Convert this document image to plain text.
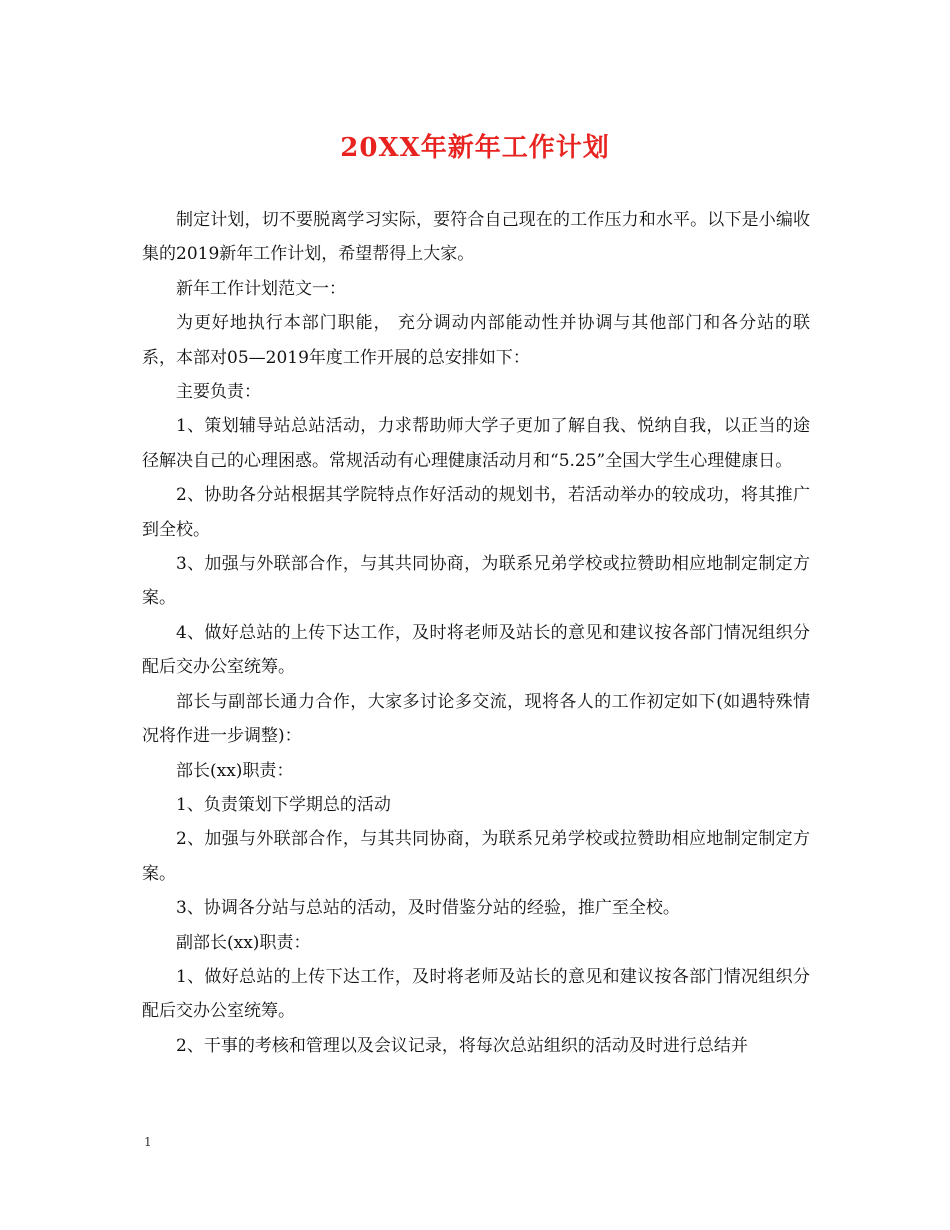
20XX年新年工作计划

制定计划，切不要脱离学习实际，要符合自己现在的工作压力和水平。以下是小编收集的2019新年工作计划，希望帮得上大家。

新年工作计划范文一：

为更好地执行本部门职能， 充分调动内部能动性并协调与其他部门和各分站的联系，本部对05—2019年度工作开展的总安排如下：

主要负责：

1、策划辅导站总站活动，力求帮助师大学子更加了解自我、悦纳自我，以正当的途径解决自己的心理困惑。常规活动有心理健康活动月和“5.25”全国大学生心理健康日。

2、协助各分站根据其学院特点作好活动的规划书，若活动举办的较成功，将其推广到全校。

3、加强与外联部合作，与其共同协商，为联系兄弟学校或拉赞助相应地制定制定方案。

4、做好总站的上传下达工作，及时将老师及站长的意见和建议按各部门情况组织分配后交办公室统筹。

部长与副部长通力合作，大家多讨论多交流，现将各人的工作初定如下(如遇特殊情况将作进一步调整)：

部长(xx)职责：

1、负责策划下学期总的活动

2、加强与外联部合作，与其共同协商，为联系兄弟学校或拉赞助相应地制定制定方案。

3、协调各分站与总站的活动，及时借鉴分站的经验，推广至全校。

副部长(xx)职责：

1、做好总站的上传下达工作，及时将老师及站长的意见和建议按各部门情况组织分配后交办公室统筹。

2、干事的考核和管理以及会议记录，将每次总站组织的活动及时进行总结并

1
